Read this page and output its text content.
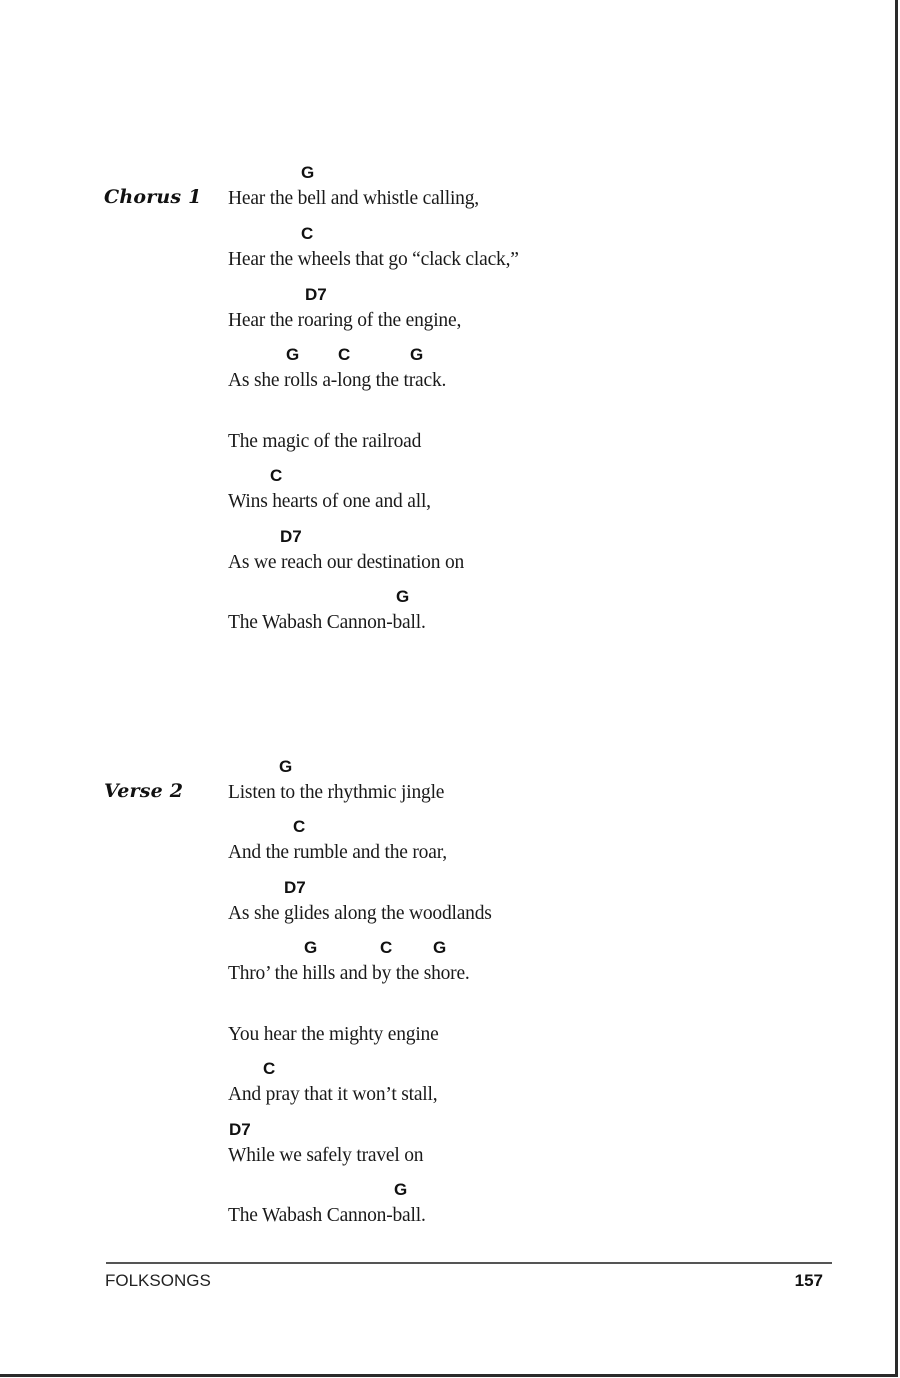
Chorus 1
G
Hear the bell and whistle calling,
C
Hear the wheels that go “clack clack,”
D7
Hear the roaring of the engine,
G C	G
As she rolls a-long the track.
The magic of the railroad
C
Wins hearts of one and all,
D7
As we reach our destination on
G
The Wabash Cannon-ball.
Verse 2
G
Listen to the rhythmic jingle
C
And the rumble and the roar,
D7
As she glides along the woodlands
G	C G
Thro’ the hills and by the shore.
You hear the mighty engine
C
And pray that it won’t stall,
D7
While we safely travel on
G
The Wabash Cannon-ball.
FOLKSONGS	157
